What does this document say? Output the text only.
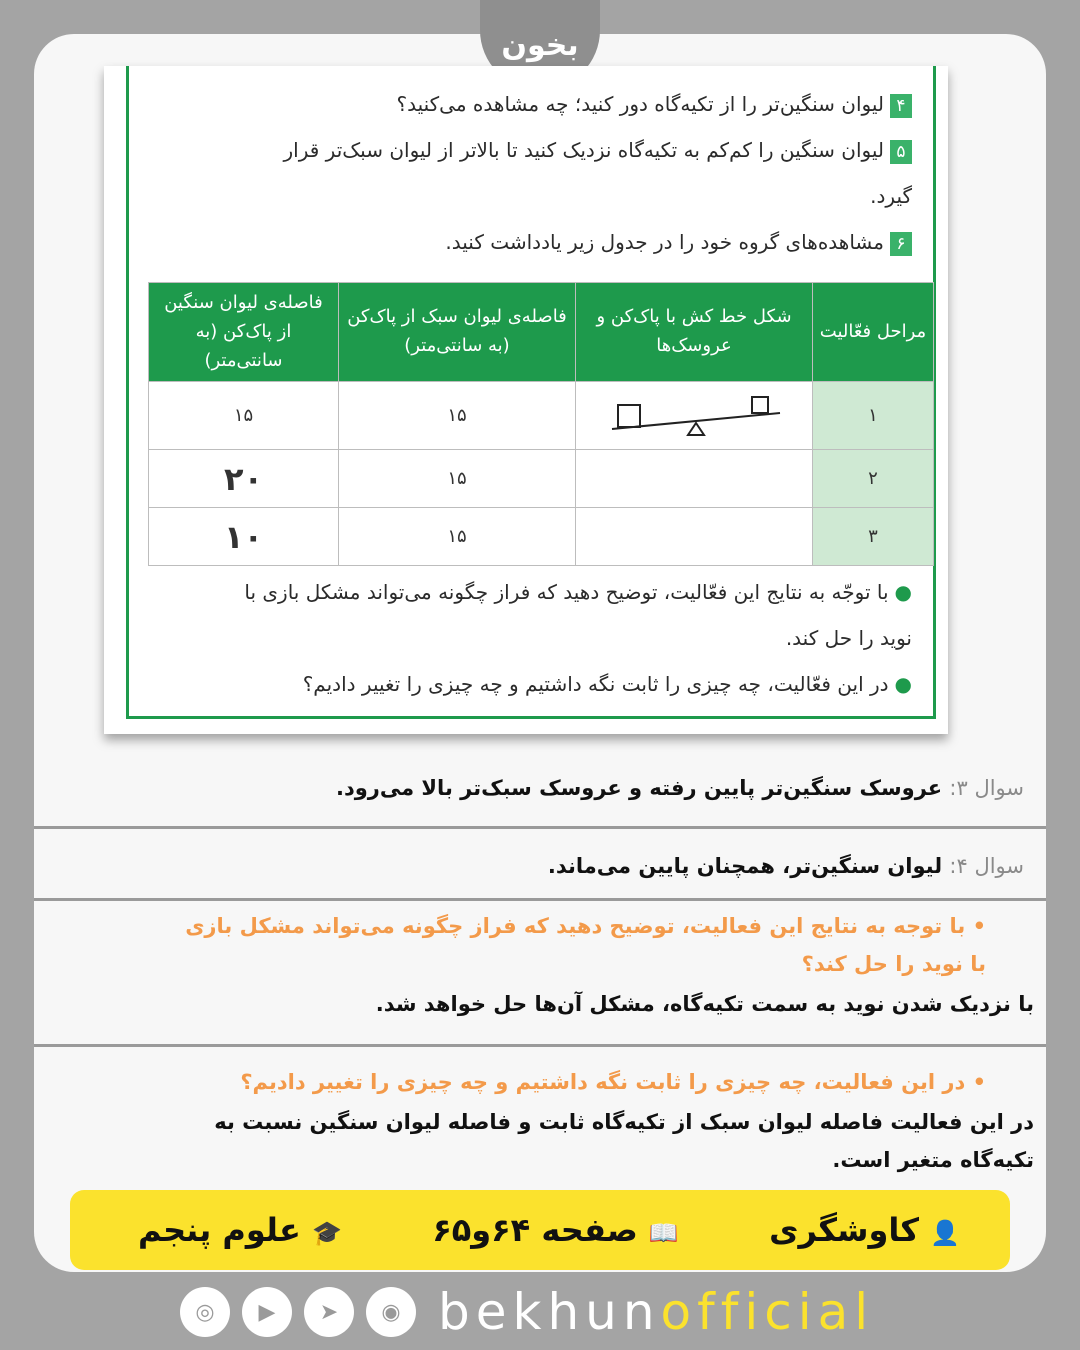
بخون
۴لیوان سنگین‌تر را از تکیه‌گاه دور کنید؛ چه مشاهده می‌کنید؟
۵لیوان سنگین را کم‌کم به تکیه‌گاه نزدیک کنید تا بالاتر از لیوان سبک‌تر قرار
گیرد.
۶مشاهده‌های گروه خود را در جدول زیر یادداشت کنید.
مراحل فعّالیت	شکل خط کش با پاک‌کن و عروسک‌ها	فاصله‌ی لیوان سبک از پاک‌کن (به سانتی‌متر)	فاصله‌ی لیوان سنگین از پاک‌کن (به سانتی‌متر)
۱		۱۵	۱۵
۲		۱۵	۲۰
۳		۱۵	۱۰
●با توجّه به نتایج این فعّالیت، توضیح دهید که فراز چگونه می‌تواند مشکل بازی با
نوید را حل کند.
●در این فعّالیت، چه چیزی را ثابت نگه داشتیم و چه چیزی را تغییر دادیم؟
سوال ۳: عروسک سنگین‌تر پایین رفته و عروسک سبک‌تر بالا می‌رود.
سوال ۴: لیوان سنگین‌تر، همچنان پایین می‌ماند.
• با توجه به نتایج این فعالیت، توضیح دهید که فراز چگونه می‌تواند مشکل بازی
با نوید را حل کند؟
با نزدیک شدن نوید به سمت تکیه‌گاه، مشکل آن‌ها حل خواهد شد.
• در این فعالیت، چه چیزی را ثابت نگه داشتیم و چه چیزی را تغییر دادیم؟
در این فعالیت فاصله لیوان سبک از تکیه‌گاه ثابت و فاصله لیوان سنگین نسبت به
تکیه‌گاه متغیر است.
👤 کاوشگری
📖 صفحه ۶۴و۶۵
🎓 علوم پنجم
◎	▶	➤	◉ bekhun official
